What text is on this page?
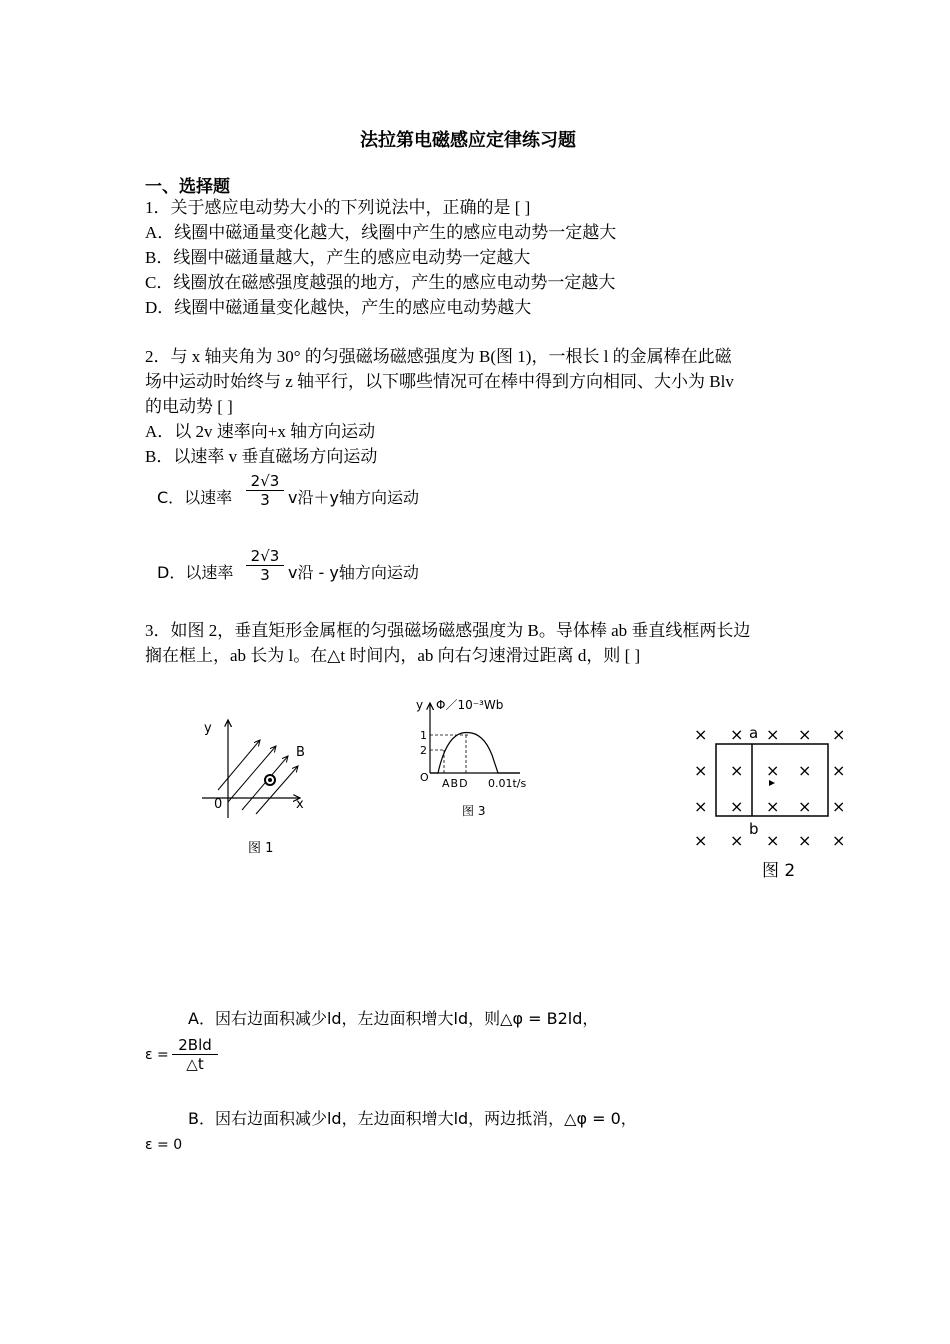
法拉第电磁感应定律练习题
一、选择题
1．关于感应电动势大小的下列说法中，正确的是 [ ]
A．线圈中磁通量变化越大，线圈中产生的感应电动势一定越大
B．线圈中磁通量越大，产生的感应电动势一定越大
C．线圈放在磁感强度越强的地方，产生的感应电动势一定越大
D．线圈中磁通量变化越快，产生的感应电动势越大
2．与 x 轴夹角为 30° 的匀强磁场磁感强度为 B(图 1)，一根长 l 的金属棒在此磁
场中运动时始终与 z 轴平行，以下哪些情况可在棒中得到方向相同、大小为 Blv
的电动势 [ ]
A．以 2v 速率向+x 轴方向运动
B．以速率 v 垂直磁场方向运动
C．以速率
2√3
3	v沿＋y轴方向运动
D．以速率
2√3
3	v沿 - y轴方向运动
3．如图 2，垂直矩形金属框的匀强磁场磁感强度为 B。导体棒 ab 垂直线框两长边
搁在框上，ab 长为 l。在△t 时间内，ab 向右匀速滑过距离 d，则 [ ]
y
0	x
B
图 1
y Φ／10⁻³Wb
1
2
O ABD 0.01t/s
图 3
× × × × ×
× × × × ×
× × × × ×
× × × × ×
a
b
图 2
A．因右边面积减少ld，左边面积增大ld，则△φ = B2ld，
ε =
2Bld
△t
B．因右边面积减少ld，左边面积增大ld，两边抵消，△φ = 0，
ε = 0
